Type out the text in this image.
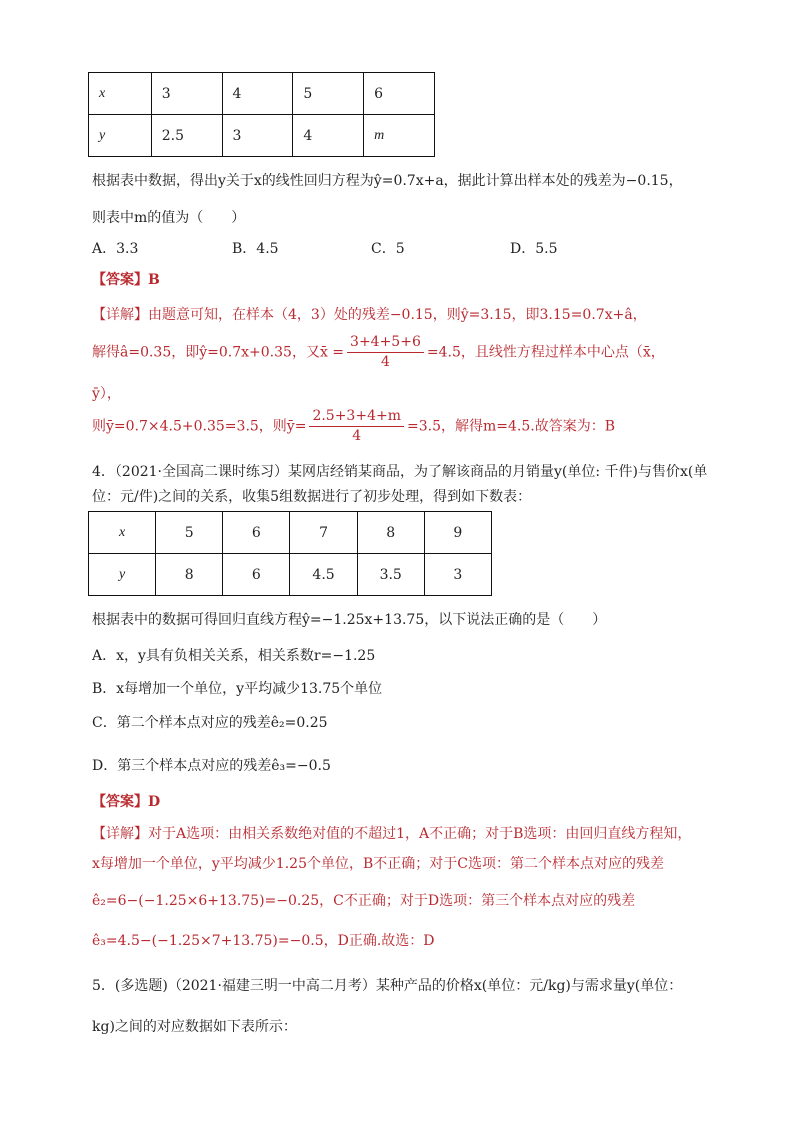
x	3	4	5	6
y	2.5	3	4	m
根据表中数据，得出y关于x的线性回归方程为ŷ=0.7x+a，据此计算出样本处的残差为−0.15，
则表中m的值为（　　）
A．3.3	B．4.5	C．5	D．5.5
【答案】B
【详解】由题意可知，在样本（4，3）处的残差−0.15，则ŷ=3.15，即3.15=0.7x+â，
解得â=0.35，即ŷ=0.7x+0.35，又x̄ = $\frac{3+4+5+6}{4} =4.5$，且线性方程过样本中心点（x̄，
ȳ），
则ȳ=0.7×4.5+0.35=3.5，则ȳ= $\frac{2.5+3+4+m}{4} =3.5$，解得m=4.5.故答案为：B
4．（2021·全国高二课时练习）某网店经销某商品，为了解该商品的月销量y(单位: 千件)与售价x(单
位：元/件)之间的关系，收集5组数据进行了初步处理，得到如下数表：
x	5	6	7	8	9
y	8	6	4.5	3.5	3
根据表中的数据可得回归直线方程ŷ=−1.25x+13.75，以下说法正确的是（　　）
A．x，y具有负相关关系，相关系数r=−1.25
B．x每增加一个单位，y平均减少13.75个单位
C．第二个样本点对应的残差ê₂=0.25
D．第三个样本点对应的残差ê₃=−0.5
【答案】D
【详解】对于A选项：由相关系数绝对值的不超过1，A不正确；对于B选项：由回归直线方程知，
x每增加一个单位，y平均减少1.25个单位，B不正确；对于C选项：第二个样本点对应的残差
ê₂=6−(−1.25×6+13.75)=−0.25，C不正确；对于D选项：第三个样本点对应的残差
ê₃=4.5−(−1.25×7+13.75)=−0.5，D正确.故选：D
5．(多选题)（2021·福建三明一中高二月考）某种产品的价格x(单位：元/kg)与需求量y(单位：
kg)之间的对应数据如下表所示：
